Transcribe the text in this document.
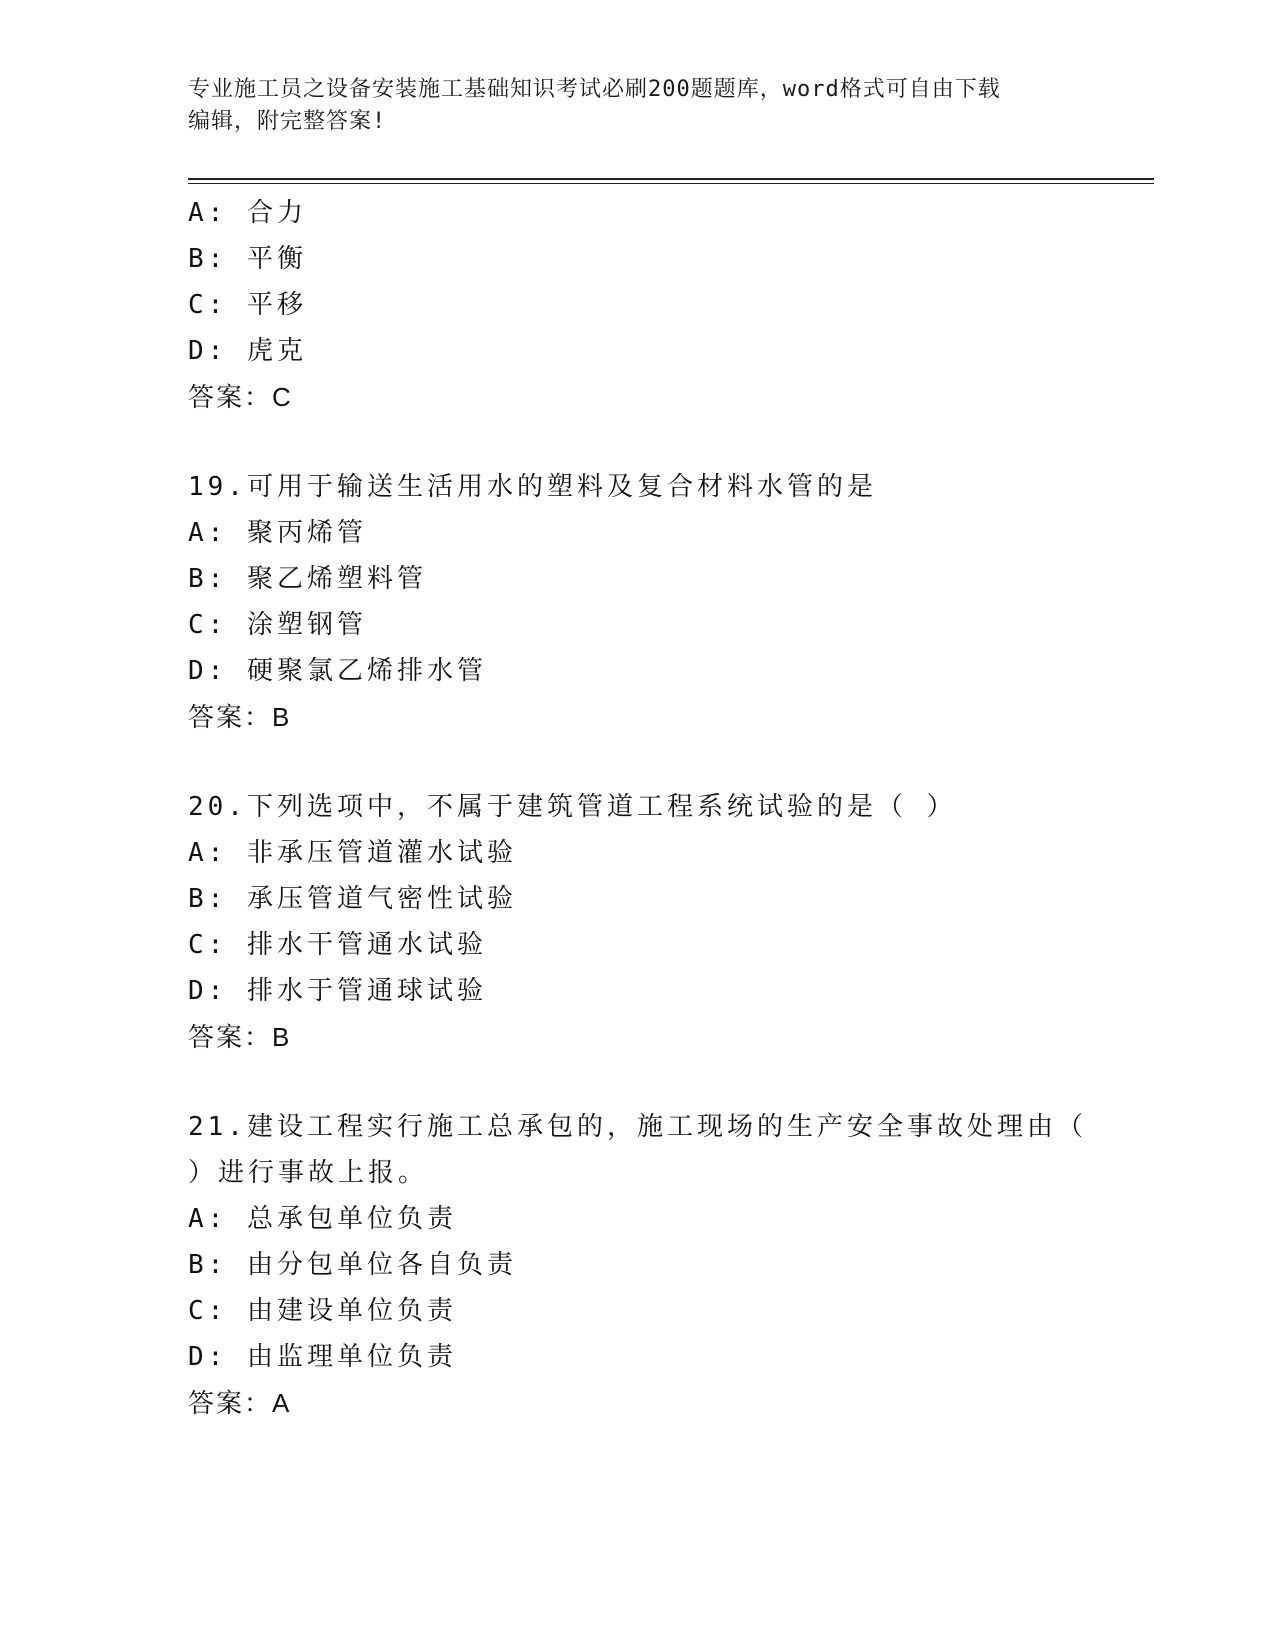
专业施工员之设备安装施工基础知识考试必刷200题题库，word格式可自由下载
编辑，附完整答案!
A: 合力
B: 平衡
C: 平移
D: 虎克
答案：C
19.可用于输送生活用水的塑料及复合材料水管的是
A: 聚丙烯管
B: 聚乙烯塑料管
C: 涂塑钢管
D: 硬聚氯乙烯排水管
答案：B
20.下列选项中，不属于建筑管道工程系统试验的是（ ）
A: 非承压管道灌水试验
B: 承压管道气密性试验
C: 排水干管通水试验
D: 排水于管通球试验
答案：B
21.建设工程实行施工总承包的，施工现场的生产安全事故处理由（
）进行事故上报。
A: 总承包单位负责
B: 由分包单位各自负责
C: 由建设单位负责
D: 由监理单位负责
答案：A
